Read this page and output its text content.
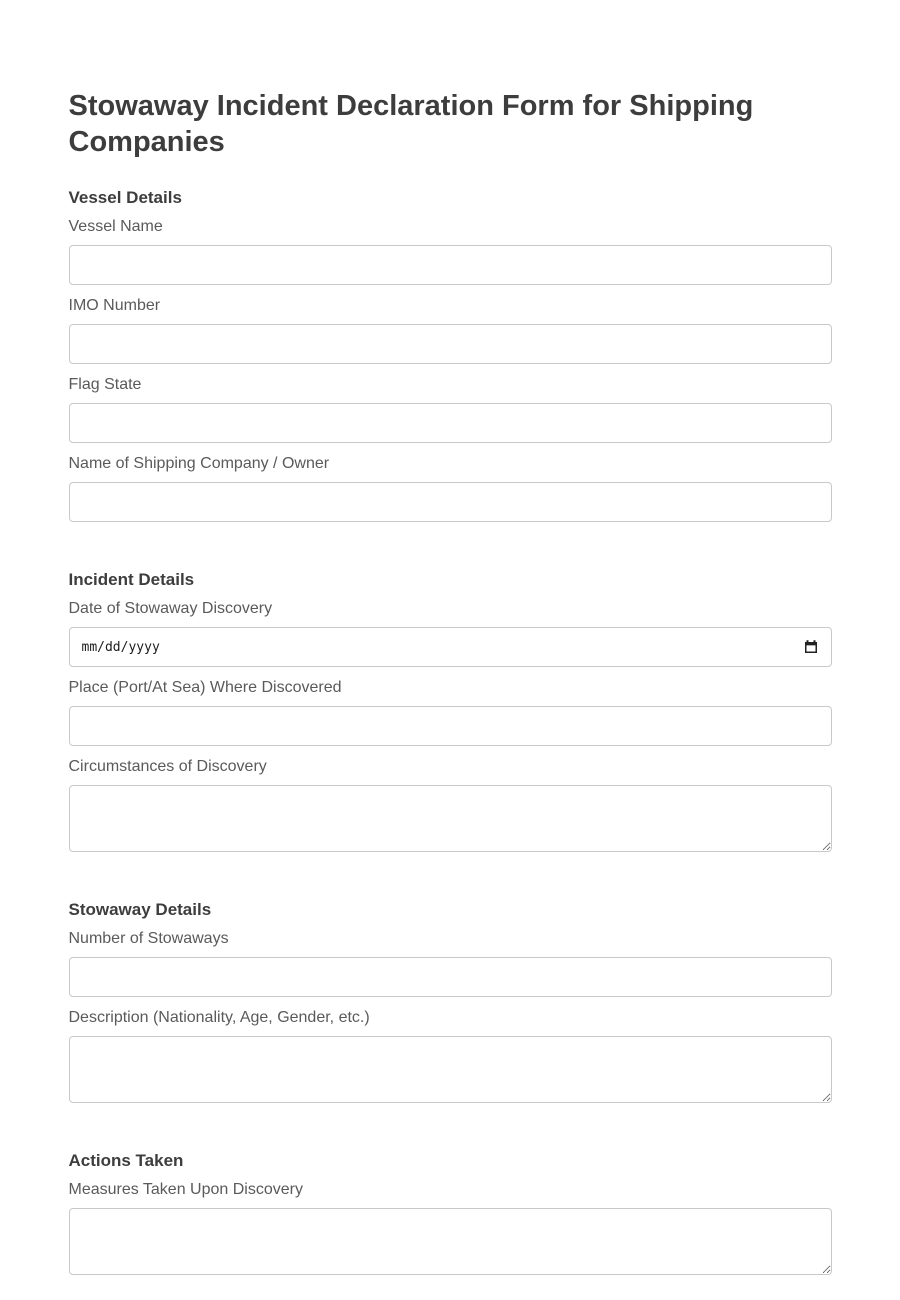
Stowaway Incident Declaration Form for Shipping Companies
Vessel Details
Vessel Name
IMO Number
Flag State
Name of Shipping Company / Owner
Incident Details
Date of Stowaway Discovery
mm/dd/yyyy
Place (Port/At Sea) Where Discovered
Circumstances of Discovery
Stowaway Details
Number of Stowaways
Description (Nationality, Age, Gender, etc.)
Actions Taken
Measures Taken Upon Discovery
